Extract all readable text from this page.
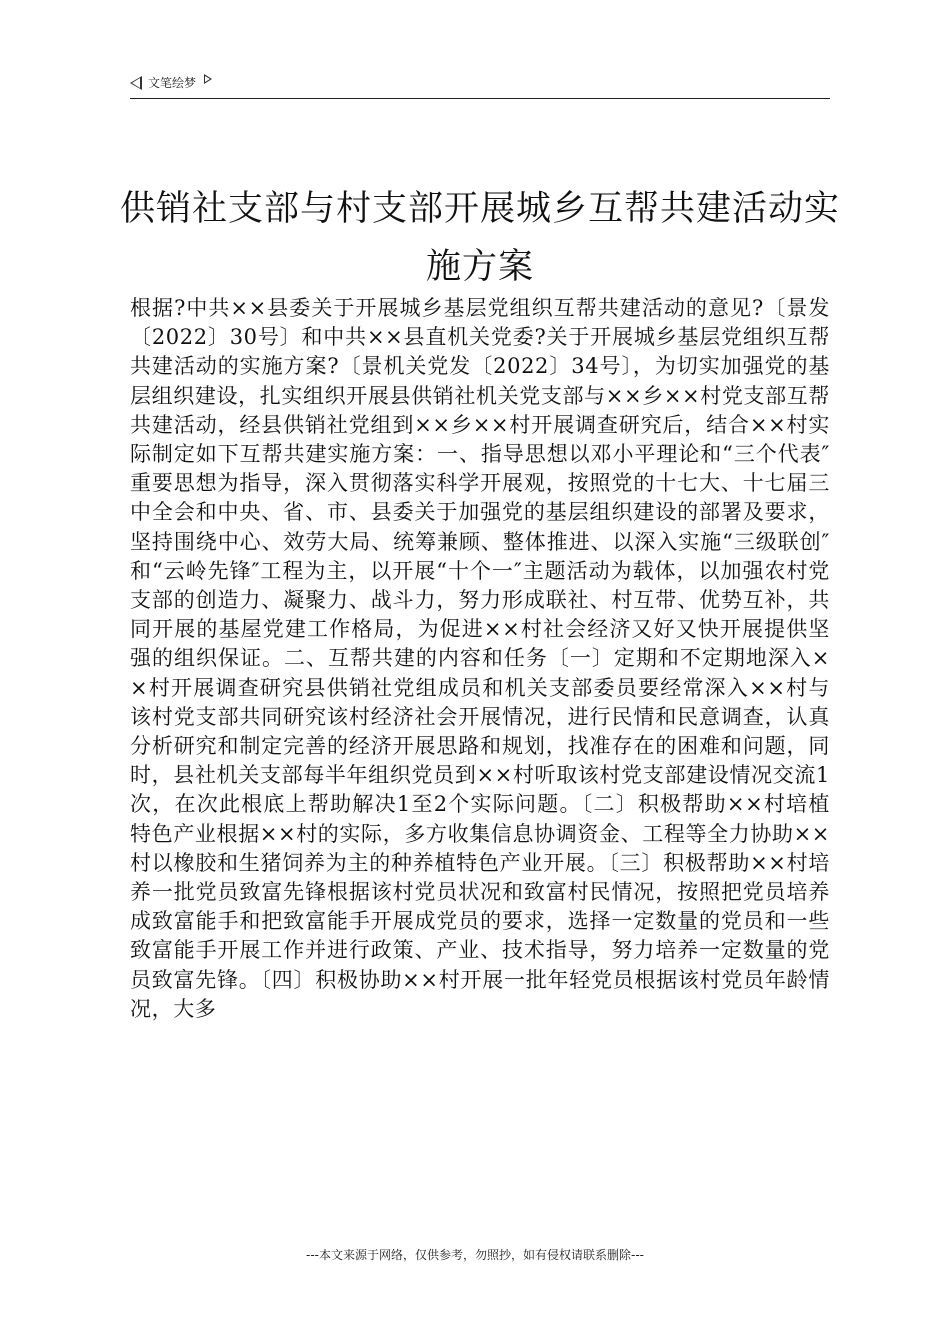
文笔绘梦
供销社支部与村支部开展城乡互帮共建活动实施方案

根据?中共××县委关于开展城乡基层党组织互帮共建活动的意见?〔景发〔2022〕30号〕和中共××县直机关党委?关于开展城乡基层党组织互帮共建活动的实施方案?〔景机关党发〔2022〕34号〕，为切实加强党的基层组织建设，扎实组织开展县供销社机关党支部与××乡××村党支部互帮共建活动，经县供销社党组到××乡××村开展调查研究后，结合××村实际制定如下互帮共建实施方案：一、指导思想以邓小平理论和“三个代表″重要思想为指导，深入贯彻落实科学开展观，按照党的十七大、十七届三中全会和中央、省、市、县委关于加强党的基层组织建设的部署及要求，坚持围绕中心、效劳大局、统筹兼顾、整体推进、以深入实施“三级联创″和“云岭先锋″工程为主，以开展“十个一″主题活动为载体，以加强农村党支部的创造力、凝聚力、战斗力，努力形成联社、村互带、优势互补，共同开展的基屋党建工作格局，为促进××村社会经济又好又快开展提供坚强的组织保证。二、互帮共建的内容和任务〔一〕定期和不定期地深入××村开展调查研究县供销社党组成员和机关支部委员要经常深入××村与该村党支部共同研究该村经济社会开展情况，进行民情和民意调查，认真分析研究和制定完善的经济开展思路和规划，找准存在的困难和问题，同时，县社机关支部每半年组织党员到××村听取该村党支部建设情况交流1次，在次此根底上帮助解决1至2个实际问题。〔二〕积极帮助××村培植特色产业根据××村的实际，多方收集信息协调资金、工程等全力协助××村以橡胶和生猪饲养为主的种养植特色产业开展。〔三〕积极帮助××村培养一批党员致富先锋根据该村党员状况和致富村民情况，按照把党员培养成致富能手和把致富能手开展成党员的要求，选择一定数量的党员和一些致富能手开展工作并进行政策、产业、技术指导，努力培养一定数量的党员致富先锋。〔四〕积极协助××村开展一批年轻党员根据该村党员年龄情况，大多

---本文来源于网络，仅供参考，勿照抄，如有侵权请联系删除---
